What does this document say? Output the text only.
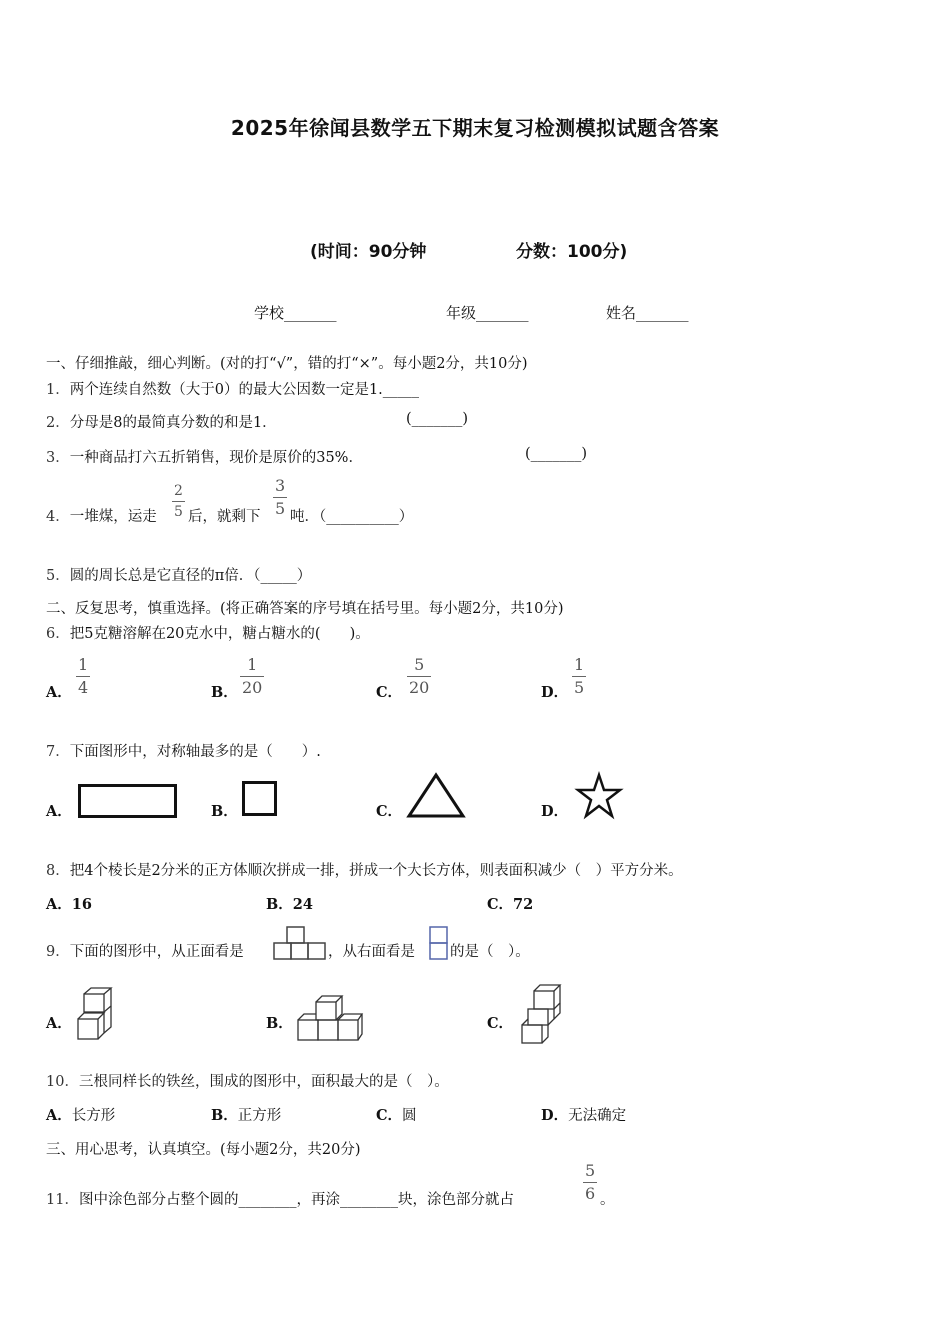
2025年徐闻县数学五下期末复习检测模拟试题含答案
(时间：90分钟	分数：100分)
学校_______	年级_______	姓名_______
一、仔细推敲，细心判断。(对的打“√”，错的打“×”。每小题2分，共10分)
1．两个连续自然数（大于0）的最大公因数一定是1._____
2．分母是8的最简真分数的和是1．	(_______)
3．一种商品打六五折销售，现价是原价的35%．	(_______)
4．一堆煤，运走 $\frac{2}{5}$ 后，就剩下 $\frac{3}{5}$ 吨．（__________）
5．圆的周长总是它直径的π倍．（_____）
二、反复思考，慎重选择。(将正确答案的序号填在括号里。每小题2分，共10分)
6．把5克糖溶解在20克水中，糖占糖水的(　　)。
A． $\frac{1}{4}$	B． $\frac{1}{20}$	C． $\frac{5}{20}$	D． $\frac{1}{5}$
7．下面图形中，对称轴最多的是（　　）.
A．	B．	C．	D．
8．把4个棱长是2分米的正方体顺次拼成一排，拼成一个大长方体，则表面积减少（　）平方分米。
A．16	B．24	C．72
9．下面的图形中，从正面看是	，从右面看是 的是（　）。
A．	B．	C．
10．三根同样长的铁丝，围成的图形中，面积最大的是（　）。
A．长方形	B．正方形	C．圆	D．无法确定
三、用心思考，认真填空。(每小题2分，共20分)
11．图中涂色部分占整个圆的________，再涂________块，涂色部分就占	$\frac{5}{6}$ 。
